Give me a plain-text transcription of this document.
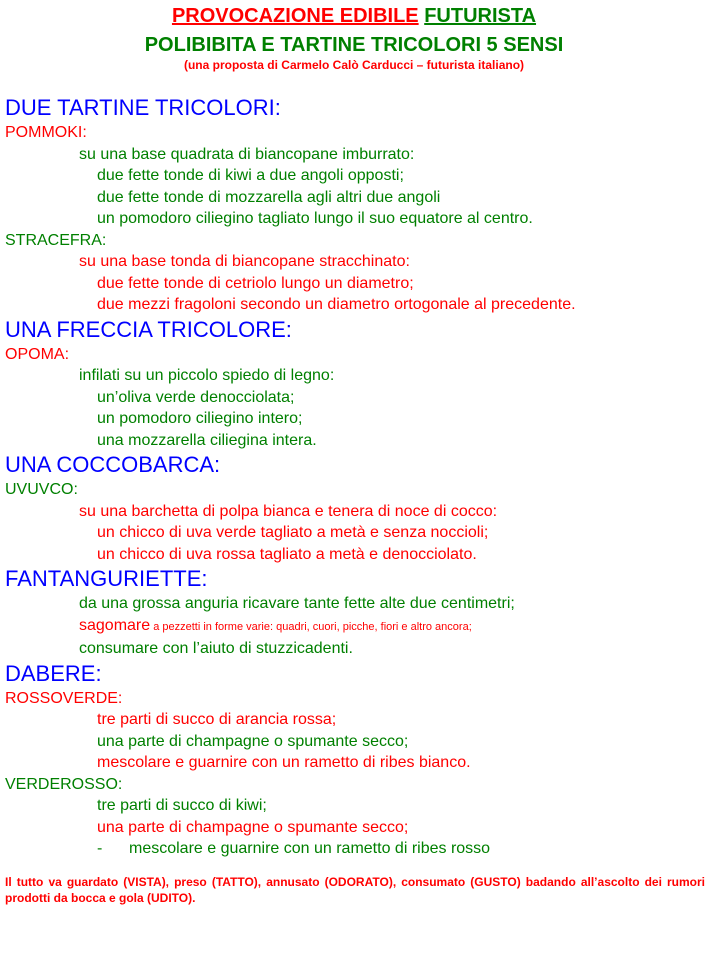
PROVOCAZIONE EDIBILE FUTURISTA
POLIBIBITA E TARTINE TRICOLORI 5 SENSI
(una proposta di Carmelo Calò Carducci – futurista italiano)
DUE TARTINE TRICOLORI:
POMMOKI:
su una base quadrata di biancopane imburrato:
due fette tonde di kiwi a due angoli opposti;
due fette tonde di mozzarella agli altri due angoli
un pomodoro ciliegino tagliato lungo il suo equatore al centro.
STRACEFRA:
su una base tonda di biancopane stracchinato:
due fette tonde di cetriolo lungo un diametro;
due mezzi fragoloni secondo un diametro ortogonale al precedente.
UNA FRECCIA TRICOLORE:
OPOMA:
infilati su un piccolo spiedo di legno:
un’oliva verde denocciolata;
un pomodoro ciliegino intero;
una mozzarella ciliegina intera.
UNA COCCOBARCA:
UVUVCO:
su una barchetta di polpa bianca e tenera di noce di cocco:
un chicco di uva verde tagliato a metà e senza noccioli;
un chicco di uva rossa tagliato a metà e denocciolato.
FANTANGURIETTE:
da una grossa anguria ricavare tante fette alte due centimetri;
sagomare a pezzetti in forme varie: quadri, cuori, picche, fiori e altro ancora;
consumare con l’aiuto di stuzzicadenti.
DABERE:
ROSSOVERDE:
tre parti di succo di arancia rossa;
una parte di champagne o spumante secco;
mescolare e guarnire con un rametto di ribes bianco.
VERDEROSSO:
tre parti di succo di kiwi;
una parte di champagne o spumante secco;
- mescolare e guarnire con un rametto di ribes rosso
Il tutto va guardato (VISTA), preso (TATTO), annusato (ODORATO), consumato (GUSTO) badando all’ascolto dei rumori prodotti da bocca e gola (UDITO).
